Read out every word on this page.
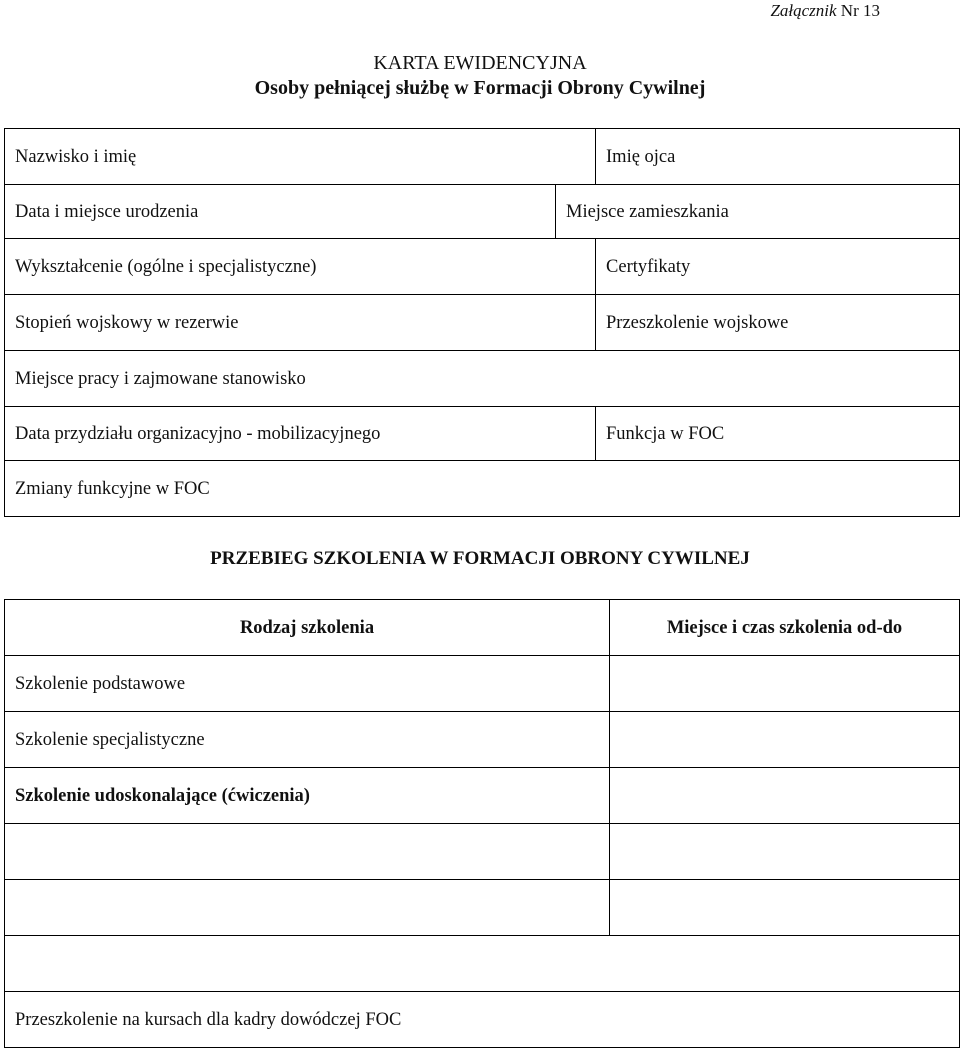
Załącznik Nr 13
KARTA EWIDENCYJNA
Osoby pełniącej służbę w Formacji Obrony Cywilnej
Nazwisko i imię		Imię ojca
Data i miejsce urodzenia	Miejsce zamieszkania	
Wykształcenie (ogólne i specjalistyczne)		Certyfikaty
Stopień wojskowy w rezerwie		Przeszkolenie wojskowe
Miejsce pracy i zajmowane stanowisko		
Data przydziału organizacyjno - mobilizacyjnego		Funkcja w FOC
Zmiany funkcyjne w FOC		
PRZEBIEG SZKOLENIA W FORMACJI OBRONY CYWILNEJ
Rodzaj szkolenia	Miejsce i czas szkolenia od-do
Szkolenie podstawowe	
Szkolenie specjalistyczne	
Szkolenie udoskonalające (ćwiczenia)	

Przeszkolenie na kursach dla kadry dowódczej FOC	
